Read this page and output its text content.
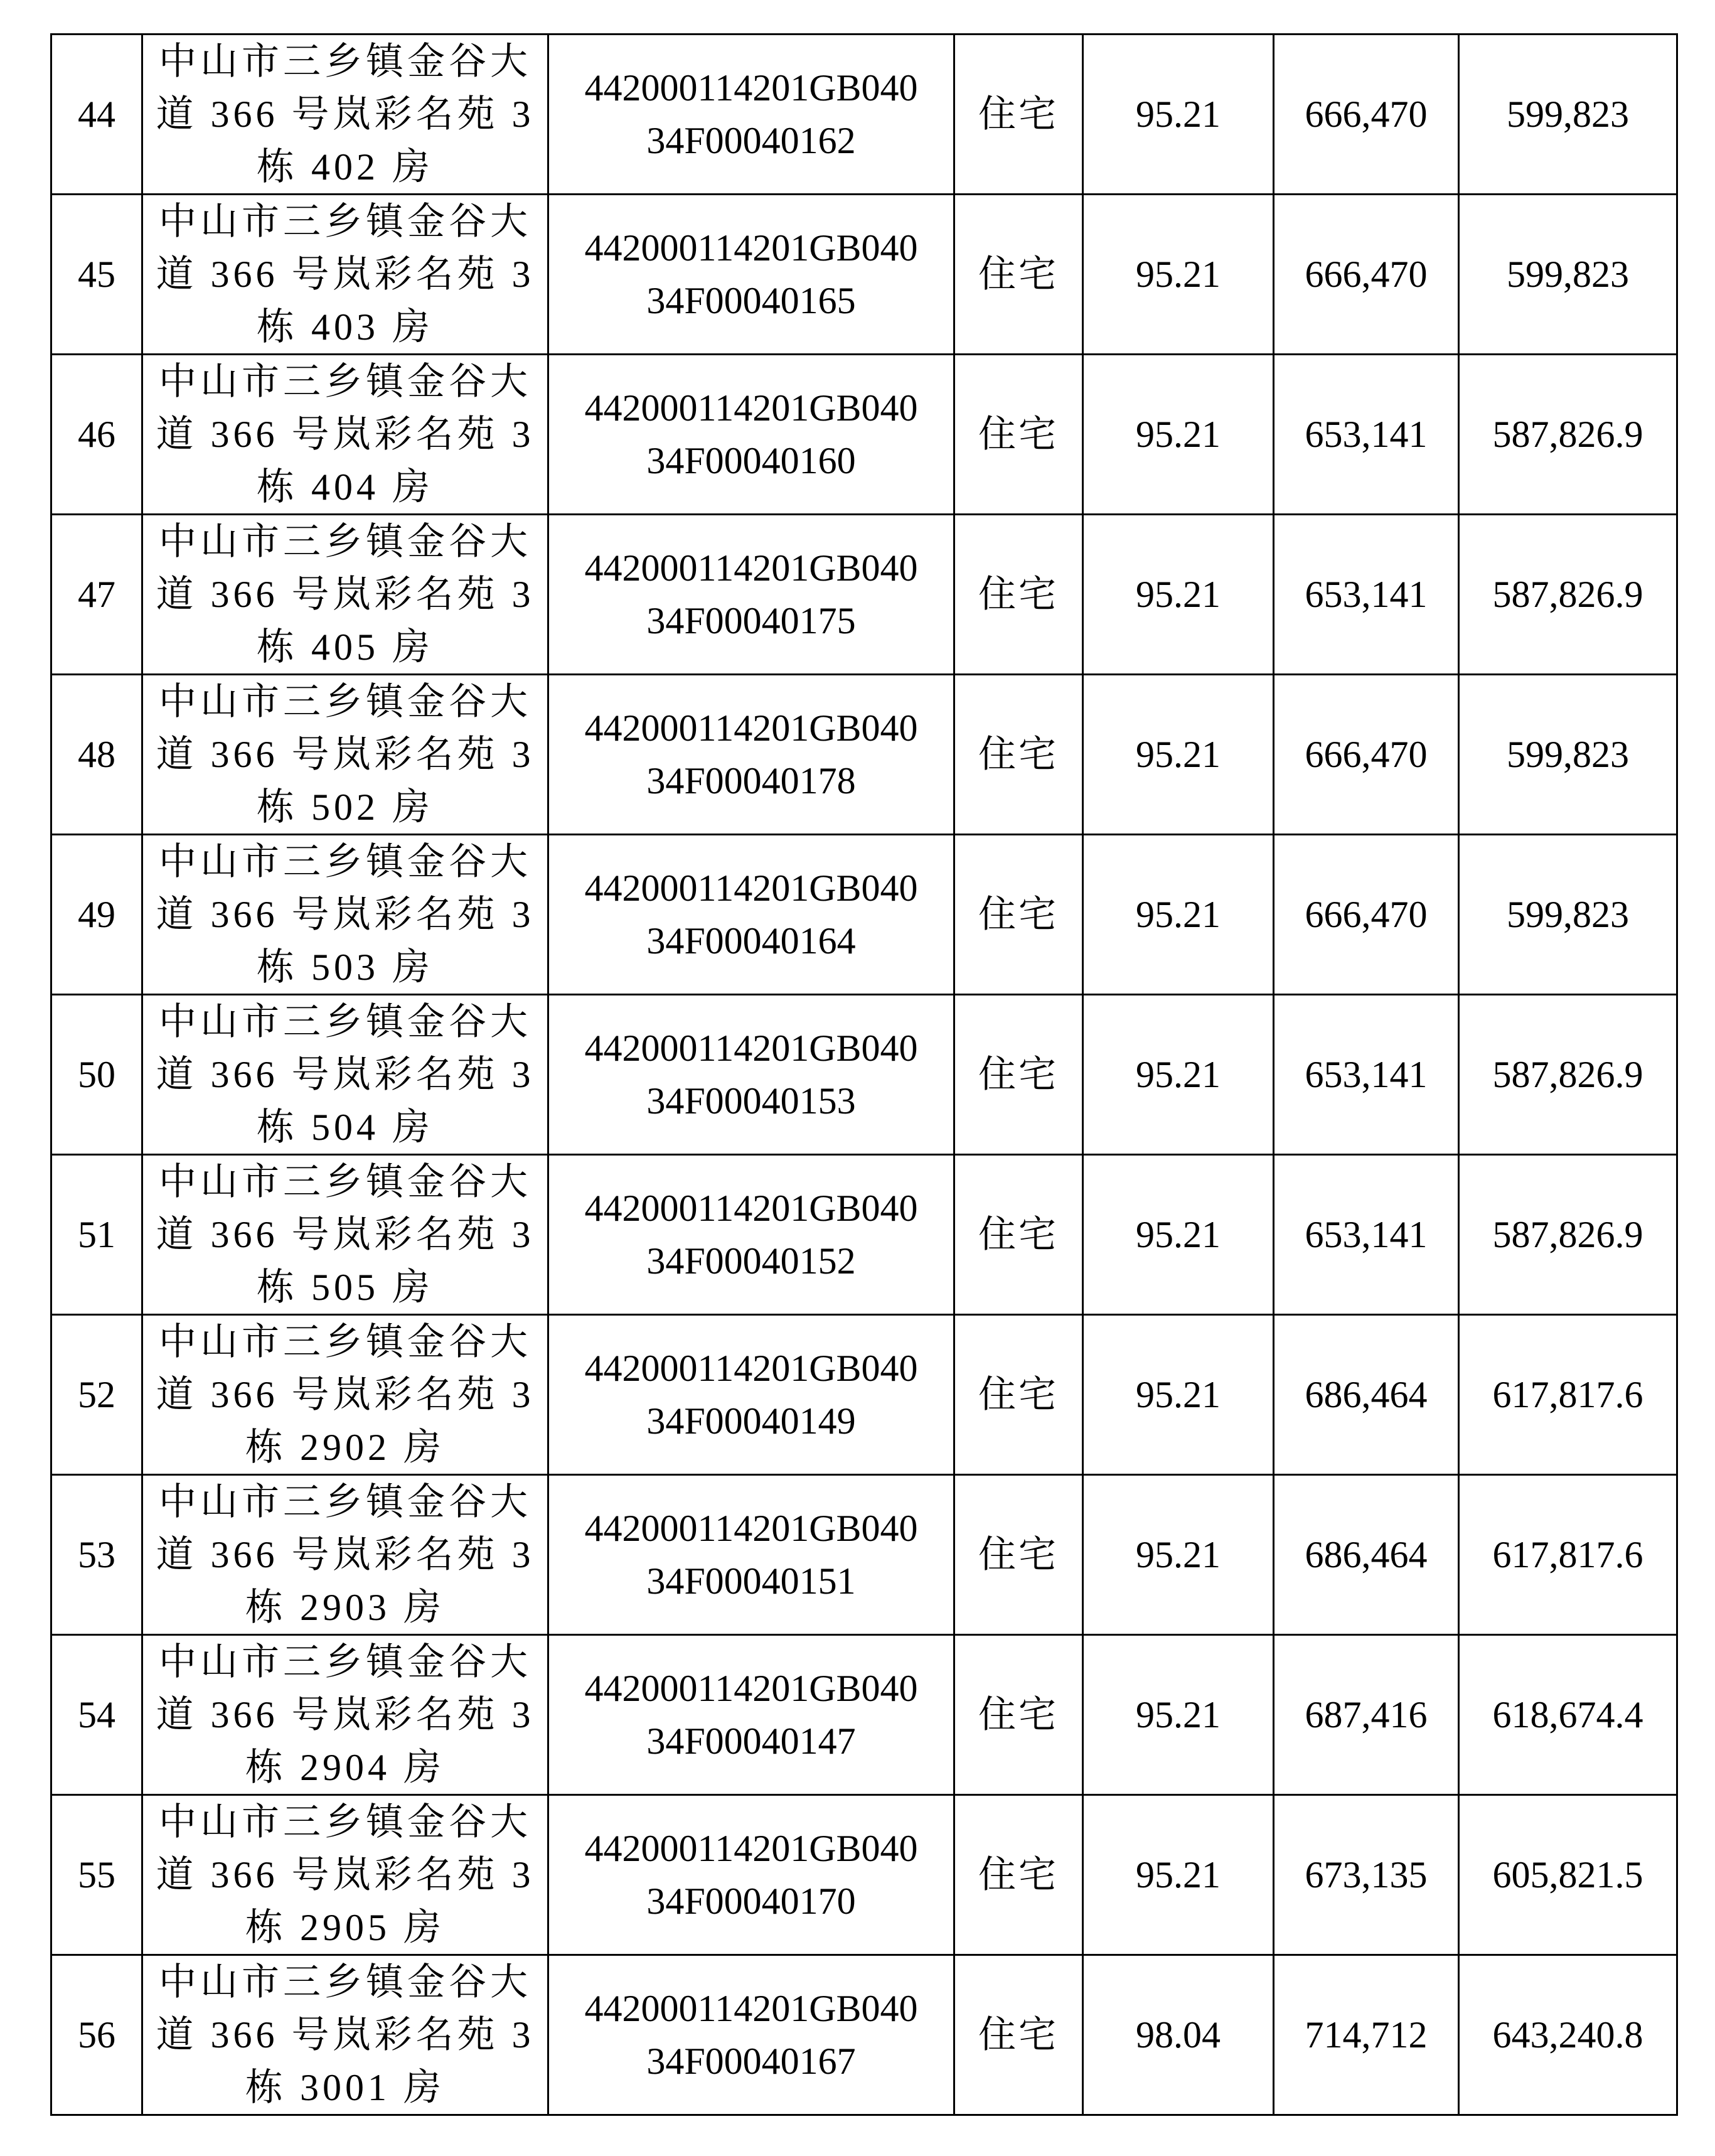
44	中山市三乡镇金谷大
道 366 号岚彩名苑 3
栋 402 房	442000114201GB040
34F00040162	住宅	95.21	666,470	599,823
45	中山市三乡镇金谷大
道 366 号岚彩名苑 3
栋 403 房	442000114201GB040
34F00040165	住宅	95.21	666,470	599,823
46	中山市三乡镇金谷大
道 366 号岚彩名苑 3
栋 404 房	442000114201GB040
34F00040160	住宅	95.21	653,141	587,826.9
47	中山市三乡镇金谷大
道 366 号岚彩名苑 3
栋 405 房	442000114201GB040
34F00040175	住宅	95.21	653,141	587,826.9
48	中山市三乡镇金谷大
道 366 号岚彩名苑 3
栋 502 房	442000114201GB040
34F00040178	住宅	95.21	666,470	599,823
49	中山市三乡镇金谷大
道 366 号岚彩名苑 3
栋 503 房	442000114201GB040
34F00040164	住宅	95.21	666,470	599,823
50	中山市三乡镇金谷大
道 366 号岚彩名苑 3
栋 504 房	442000114201GB040
34F00040153	住宅	95.21	653,141	587,826.9
51	中山市三乡镇金谷大
道 366 号岚彩名苑 3
栋 505 房	442000114201GB040
34F00040152	住宅	95.21	653,141	587,826.9
52	中山市三乡镇金谷大
道 366 号岚彩名苑 3
栋 2902 房	442000114201GB040
34F00040149	住宅	95.21	686,464	617,817.6
53	中山市三乡镇金谷大
道 366 号岚彩名苑 3
栋 2903 房	442000114201GB040
34F00040151	住宅	95.21	686,464	617,817.6
54	中山市三乡镇金谷大
道 366 号岚彩名苑 3
栋 2904 房	442000114201GB040
34F00040147	住宅	95.21	687,416	618,674.4
55	中山市三乡镇金谷大
道 366 号岚彩名苑 3
栋 2905 房	442000114201GB040
34F00040170	住宅	95.21	673,135	605,821.5
56	中山市三乡镇金谷大
道 366 号岚彩名苑 3
栋 3001 房	442000114201GB040
34F00040167	住宅	98.04	714,712	643,240.8
